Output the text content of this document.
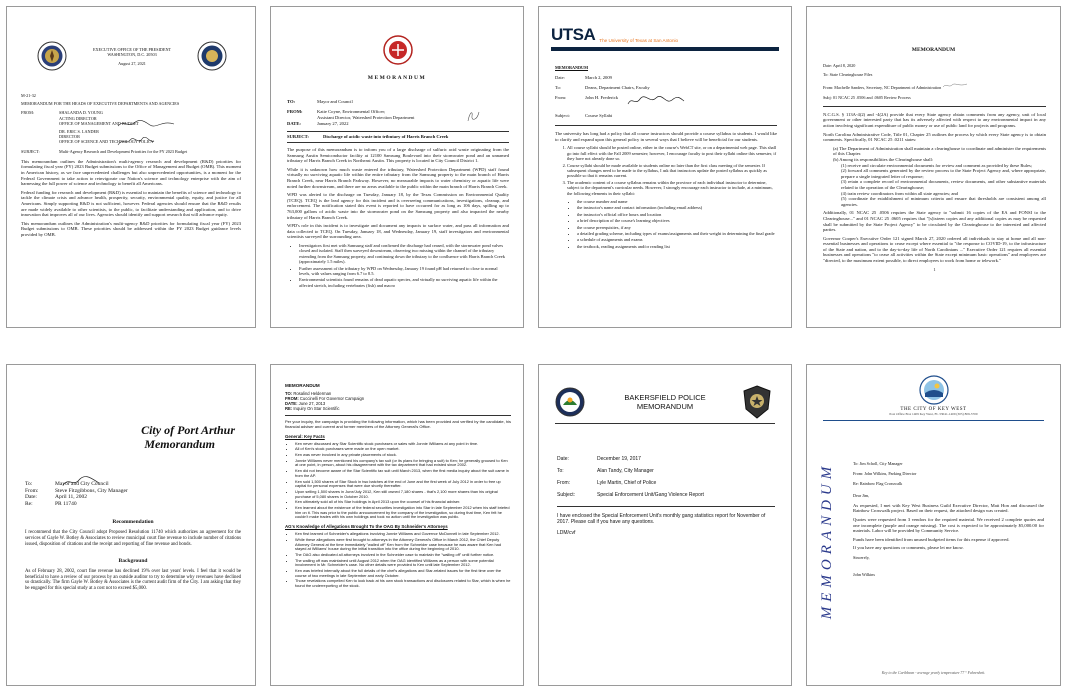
EXECUTIVE OFFICE OF THE PRESIDENT
WASHINGTON, D.C. 20503
August 27, 2021
M-21-32
MEMORANDUM FOR THE HEADS OF EXECUTIVE DEPARTMENTS AND AGENCIES
FROM:	SHALANDA D. YOUNG
ACTING DIRECTOR
OFFICE OF MANAGEMENT AND BUDGET
DR. ERIC S. LANDER
DIRECTOR
OFFICE OF SCIENCE AND TECHNOLOGY POLICY
SUBJECT:	Multi-Agency Research and Development Priorities for the FY 2023 Budget

This memorandum outlines the Administration's multi-agency research and development (R&D) priorities for formulating fiscal year (FY) 2023 Budget submissions to the Office of Management and Budget (OMB). This moment in American history, as we face unprecedented challenges but also unprecedented opportunities, is a moment for the Federal Government to take action to reinvigorate our Nation's science and technology enterprise with the aim of harnessing the full power of science and technology to benefit all Americans.

Federal funding for research and development (R&D) is essential to maintain the benefits of science and technology to tackle the climate crisis and advance health, prosperity, security, environmental quality, equity, and justice for all Americans. Simply supporting R&D is not sufficient, however. Federal agencies should ensure that the R&D results are made widely available to other scientists, to the public, to facilitate understanding and application, and to drive innovation that improves all of our lives. Agencies should identify and support research that will advance equity.

This memorandum outlines the Administration's multi-agency R&D priorities for formulating fiscal year (FY) 2023 Budget submissions to OMB. These priorities should be addressed within the FY 2023 Budget guidance levels provided by OMB.

MEMORANDUM
TO:	Mayor and Council
FROM:	Katie Coyne, Environmental Officer;
Assistant Director, Watershed Protection Department
DATE:	January 27, 2022
SUBJECT:	Discharge of acidic waste into tributary of Harris Branch Creek

The purpose of this memorandum is to inform you of a large discharge of sulfuric acid waste originating from the Samsung Austin Semiconductor facility at 12100 Samsung Boulevard into their stormwater pond and an unnamed tributary of Harris Branch Creek in Northeast Austin. This property is located in City Council District 1.

While it is unknown how much waste entered the tributary, Watershed Protection Department (WPD) staff found virtually no surviving aquatic life within the entire tributary from the Samsung property to the main branch of Harris Branch Creek, near Harris Branch Parkway. However, no measurable impacts to water chemistry or aquatic life were noted further downstream, and there are no areas available to the public within the main branch of Harris Branch Creek.

WPD was alerted to the discharge on Tuesday, January 18, by the Texas Commission on Environmental Quality (TCEQ). TCEQ is the lead agency for this incident and is overseeing communications, investigations, cleanup, and enforcement. The notification stated this event is reported to have occurred for as long as 106 days, spilling up to 763,000 gallons of acidic waste into the stormwater pond on the Samsung property and also impacted the nearby tributary of Harris Branch Creek.

WPD's role in this incident is to investigate and document any impacts to surface water, and pass all information and data collected to TCEQ. On Tuesday, January 18, and Wednesday, January 19, staff investigators and environmental scientists surveyed the surrounding area.

• Investigators first met with Samsung staff and confirmed the discharge had ceased, with the stormwater pond valves closed and isolated. Staff then surveyed downstream, observing two missing within the channel of the tributary extending from the Samsung property, and continuing down the tributary to the confluence with Harris Branch Creek (approximately 1.5 miles).
• Further assessment of the tributary by WPD on Wednesday, January 19 found pH had returned to close to normal levels, with values ranging from 6.7 to 8.5.
• Environmental scientists found remains of dead aquatic species, and virtually no surviving aquatic life within the affected stretch, including vertebrates (fish) and macro
UTSA The University of Texas at San Antonio
MEMORANDUM
Date:	March 2, 2009
To:	Deans, Department Chairs, Faculty
From:	John H. Frederick
Subject:	Course Syllabi

The university has long had a policy that all course instructors should provide a course syllabus to students. I would like to clarify and expand upon this general policy in several ways that I believe will be beneficial for our students.

1. All course syllabi should be posted online, either in the course's WebCT site, or on a departmental web page. This shall go into full effect with the Fall 2009 semester; however, I encourage faculty to post their syllabi online this semester, if they have not already done so.
2. Course syllabi should be made available to students online no later than the first class meeting of the semester. If subsequent changes need to be made to the syllabus, I ask that instructors update the posted syllabus as quickly as possible so that it remains current.
3. The academic content of a course syllabus remains within the province of each individual instructor to determine, subject to the department's curricular needs. However, I strongly encourage each instructor to include, at a minimum, the following elements in their syllabi:
• the course number and name
• the instructor's name and contact information (including email address)
• the instructor's official office hours and location
• a brief description of the course's learning objectives
• the course prerequisites, if any
• a detailed grading scheme, including types of exams/assignments and their weight in determining the final grade
• a schedule of assignments and exams
• the textbook, reading assignments and/or reading list
MEMORANDUM
Date: April 8, 2020
To: State Clearinghouse Files
From: Machelle Sanders, Secretary, NC Department of Administration
Subj: 01 NCAC 25 .0506 and .0605 Review Process

N.C.G.S. § 113A-4(2) and -4(2A) provide that every State agency obtain comments from any agency, unit of local government or other interested party that has its adversely affected with respect to any environmental impact in any action involving significant expenditure of public money or use of public land for projects and programs.

North Carolina Administrative Code, Title 01, Chapter 25 outlines the process by which every State agency is to obtain comments. Specifically, 01 NCAC 25 .0211 states:

(a) The Department of Administration shall maintain a clearinghouse to coordinate and administer the requirements of this Chapter.

(b) Among its responsibilities the Clearinghouse shall:

(1) receive and circulate environmental documents for review and comment as provided by these Rules;

(2) forward all comments generated by the review process to the State Project Agency and, where appropriate, prepare a single integrated letter of response;

(3) retain a complete record of environmental documents, review documents, and other substantive materials related to the operation of the Clearinghouse;

(4) train review coordinators from within all state agencies; and

(5) coordinate the establishment of minimum criteria and ensure that thresholds are consistent among all agencies.

Additionally, 01 NCAC 25 .0506 requires the State agency to "submit 16 copies of the EA and FONSI to the Clearinghouse..." and 01 NCAC 25 .0605 requires that "[s]ixteen copies and any additional copies as may be requested shall be submitted by the State Project Agency" to be circulated by the Clearinghouse to the interested and affected parties.

Governor Cooper's Executive Order 121 signed March 27, 2020 ordered all individuals to stay at home and all non-essential businesses and operations to cease except where essential to "the response to COVID-19, to the infrastructure of the State and nation, and to the day-to-day life of North Carolinians ..." Executive Order 121 requires all essential businesses and operations "to cease all activities within the State except minimum basic operations" and employees are "directed, to the maximum extent possible, to direct employees to work from home or telework."

1
City of Port Arthur
Memorandum
To:	Mayor and City Council
From:	Steve Fitzgibbons, City Manager
Date:	April 11, 2002
Re:	PR 11740
Recommendation

I recommend that the City Council adopt Proposed Resolution 11740 which authorizes an agreement for the services of Gayle W. Botley & Associates to review municipal court fine revenue to include number of citations issued, disposition of citations and the receipt and reporting of fine revenue and bonds.

Background

As of February 28, 2002, court fine revenue has declined 19% over last years' levels. I feel that it would be beneficial to have a review of our process by an outside auditor to try to determine why revenues have declined so drastically. The firm Gayle W. Botley & Associates is the current audit firm of the City. I am asking that they be engaged for this special study at a cost not to exceed $5,000.

MEMORANDUM
TO: Rosalind Helderman
FROM: Cuccinelli For Governor Campaign
DATE: June 27, 2013
RE: Inquiry On Star Scientific

Per your inquiry, the campaign is providing the following information, which has been provided and verified by the candidate, his financial adviser and current and former members of the Attorney General's Office.

General: Key Facts
• Ken never discussed any Star Scientific stock purchases or sales with Jonnie Williams at any point in time.
• All of Ken's stock purchases were made on the open market.
• Ken was never involved in any private placements of stock.
• Jonnie Williams never mentioned his company's tax suit (or its plans for bringing a suit) to Ken; he generally groused to Ken at one point, in person, about his disagreement with the tax department that had existed since 2002.
• Ken did not become aware of the Star Scientific tax suit until March 2013, when the first media inquiry about the suit came in from the AP.
• Ken sold 1,500 shares of Star Stock in two batches at the end of June and the first week of July 2012 in order to free up capital for personal expenses that were due shortly thereafter.
• Upon selling 1,500 shares in June/July 2012, Ken still owned 7,180 shares - that's 2,100 more shares than his original purchase of 5,080 shares in October 2010.
• Ken ultimately sold all of his Star holdings in April 2013 upon the counsel of his financial adviser.
• Ken learned about the existence of the federal securities investigation into Star in late September 2012 when his staff briefed him on it. This was prior to the public announcement by the company of the investigation, so during that time, Ken felt he couldn't make trades with his own holdings and took no action until the investigation was public.
AG's Knowledge of Allegations Brought To the OAG By Schneider's Attorneys
• Ken first learned of Schneider's allegations involving Jonnie Williams and Governor McDonnell in late September 2012.
• While these allegations were first brought to attorneys in the Attorney General's Office in March 2012, the Chief Deputy Attorney General at the time immediately "walled off" Ken from the Schneider case because he was aware that Ken had stayed at Williams' house during the initial transition into the office during the beginning of 2010.
• The OAG also dedicated all attorneys involved in the Schneider case to maintain the "walling off" until further notice.
• The walling off was maintained until August 2012 when the OAG identified Williams as a person with some potential involvement in Mr. Schneider's case. No other details were provided to Ken until late September 2012.
• Ken was briefed internally about the full details of the chef's allegations and Star-related issues for the first time over the course of two meetings in late September and early October.
• Those revelations compelled Ken to look back at his own stock transactions and disclosures related to Star, which is when he found the underreporting of the stock.
BAKERSFIELD POLICE
MEMORANDUM
Date:	December 19, 2017
To:	Alan Tandy, City Manager
From:	Lyle Martin, Chief of Police
Subject:	Special Enforcement Unit/Gang Violence Report

I have enclosed the Special Enforcement Unit's monthly gang statistics report for November of 2017. Please call if you have any questions.

LDM/cvf
THE CITY OF KEY WEST
Post Office Box 1409 Key West, FL 33041-1409 (305) 809-3700
MEMORANDUM	To: Jim Scholl, City Manager
From: John Wilkins, Parking Director
Re: Rainbow Flag Crosswalk
Dear Jim,

As requested, I met with Key West Business Guild Executive Director, Matt Hon and discussed the Rainbow Crosswalk project. Based on their request, the attached design was created.

Quotes were requested from 3 vendors for the required material. We received 2 complete quotes and one incomplete (purple and orange missing). The cost is expected to be approximately $5,000.00 for materials. Labor will be provided by Community Service.

Funds have been identified from unused budgeted items for this expense if approved.

If you have any questions or comments, please let me know.

Sincerely,
John Wilkins
Key to the Caribbean - average yearly temperature 77 ° Fahrenheit.
